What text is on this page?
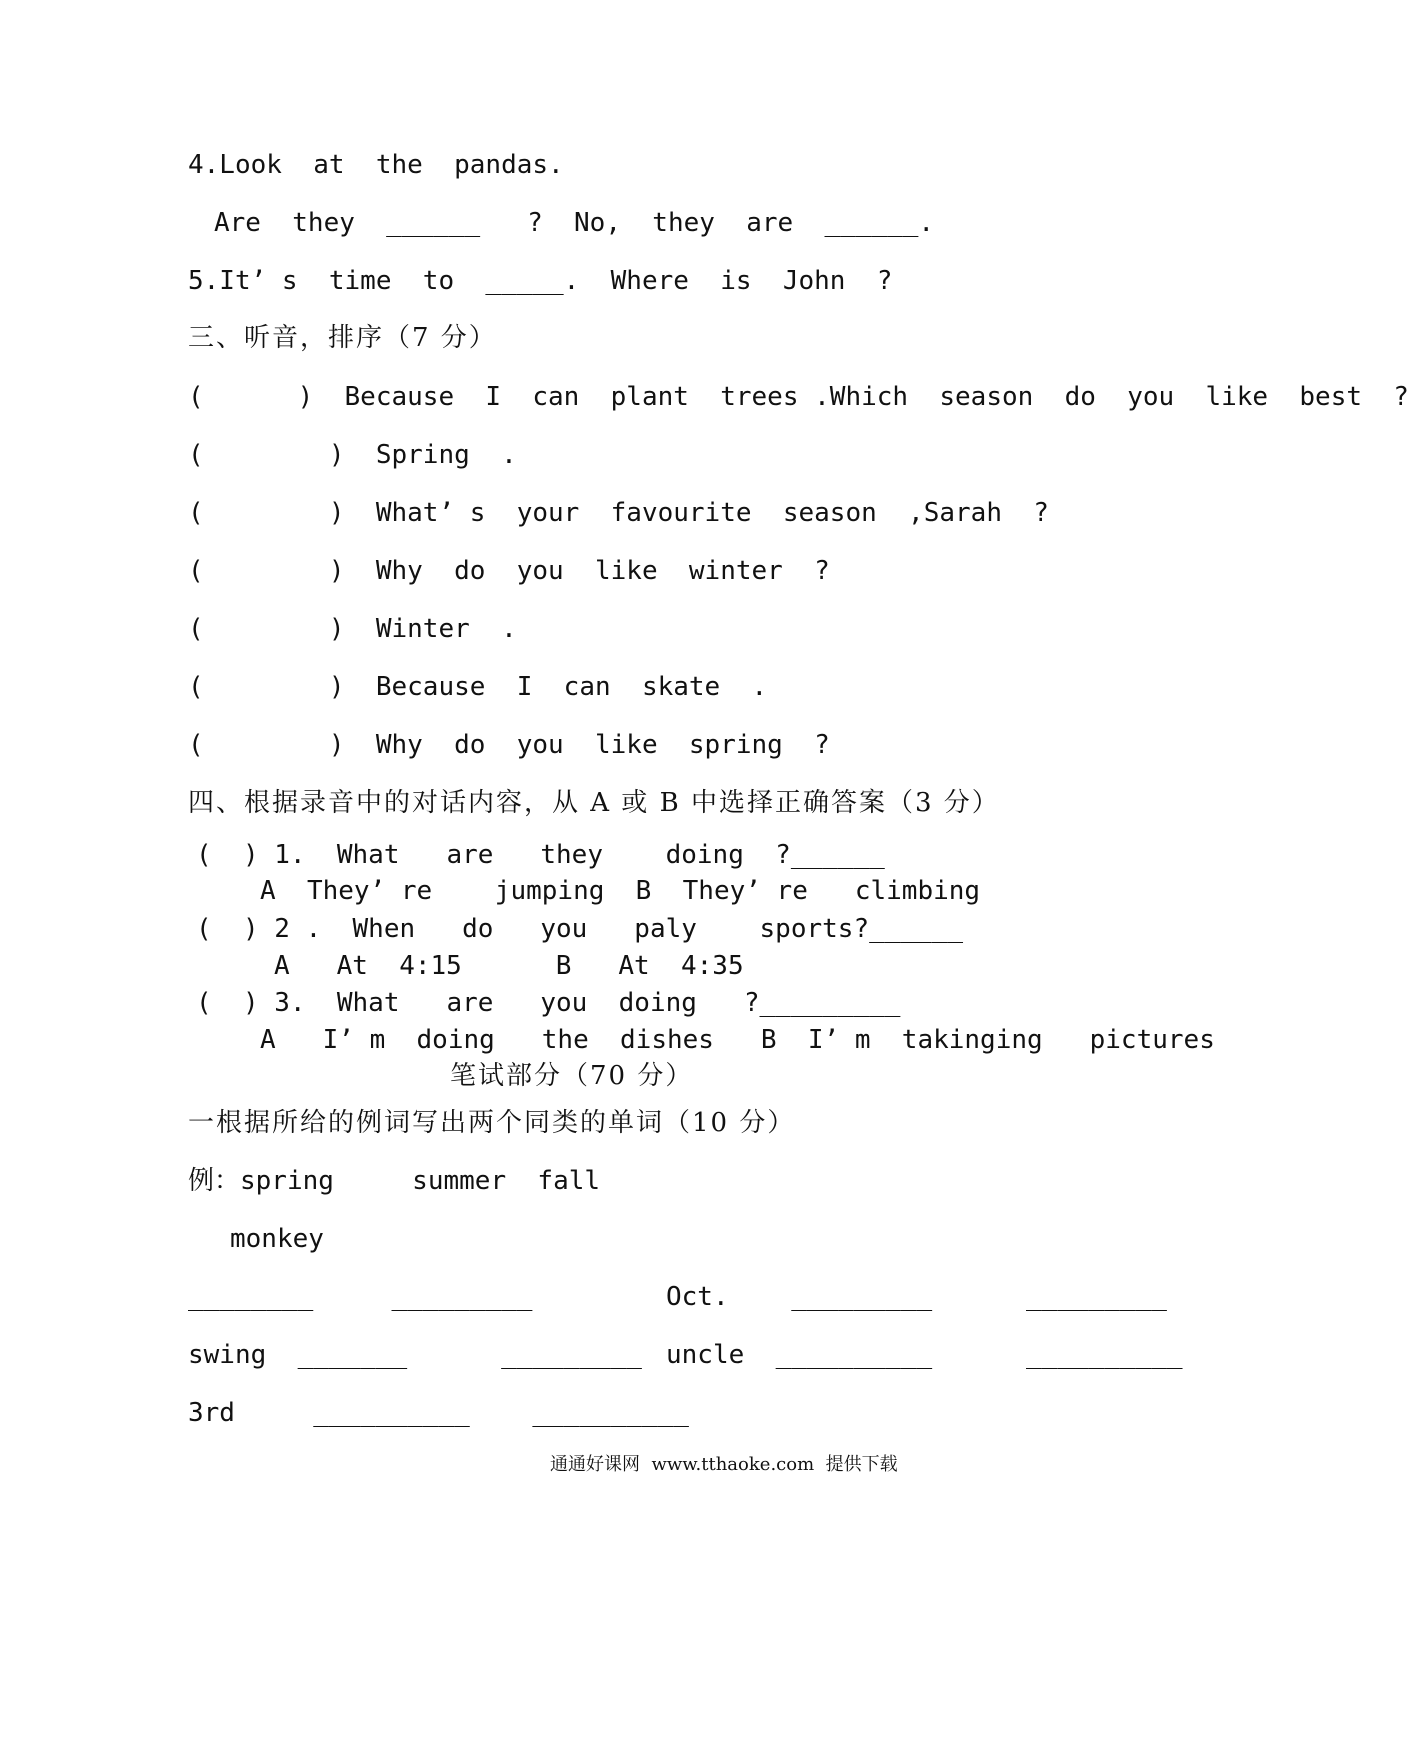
4.Look  at  the  pandas.
Are  they  ______   ?  No,  they  are  ______.
5.It’ s  time  to  _____.  Where  is  John  ?
三、听音，排序（7 分）
(      )  Because  I  can  plant  trees .Which  season  do  you  like  best  ?
(        )  Spring  .
(        )  What’ s  your  favourite  season  ,Sarah  ?
(        )  Why  do  you  like  winter  ?
(        )  Winter  .
(        )  Because  I  can  skate  .
(        )  Why  do  you  like  spring  ?
四、根据录音中的对话内容，从 A 或 B 中选择正确答案（3 分）
(  ) 1.  What   are   they    doing  ?______
A  They’ re    jumping  B  They’ re   climbing
(  ) 2 .  When   do   you   paly    sports?______
A   At  4:15      B   At  4:35
(  ) 3.  What   are   you  doing   ?_________
A   I’ m  doing   the  dishes   B  I’ m  takinging   pictures
笔试部分（70 分）
一根据所给的例词写出两个同类的单词（10 分）
例：spring     summer  fall
monkey
________     _________	Oct.    _________      _________
swing  _______      _________ uncle  __________      __________
3rd     __________    __________
通通好课网  www.tthaoke.com  提供下载
